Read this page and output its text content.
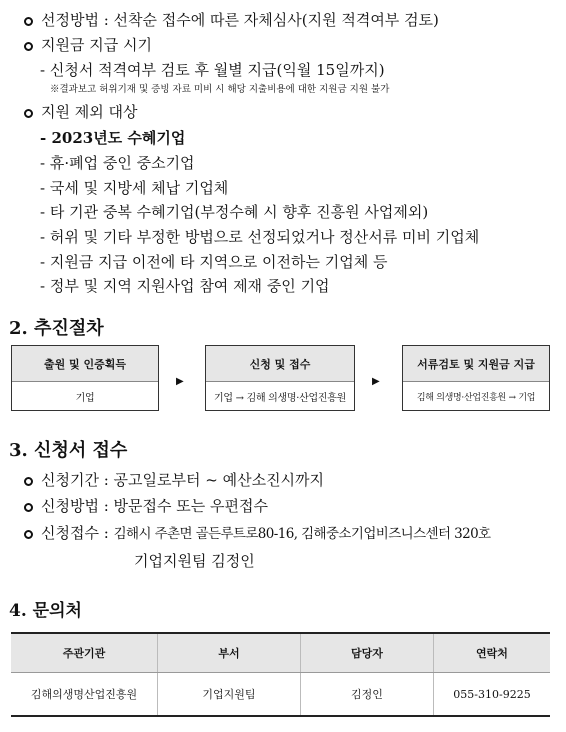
선정방법 : 선착순 접수에 따른 자체심사(지원 적격여부 검토)
지원금 지급 시기
- 신청서 적격여부 검토 후 월별 지급(익월 15일까지)
※결과보고 허위기재 및 증빙 자료 미비 시 해당 지출비용에 대한 지원금 지원 불가
지원 제외 대상
- 2023년도 수혜기업
- 휴·폐업 중인 중소기업
- 국세 및 지방세 체납 기업체
- 타 기관 중복 수혜기업(부정수혜 시 향후 진흥원 사업제외)
- 허위 및 기타 부정한 방법으로 선정되었거나 정산서류 미비 기업체
- 지원금 지급 이전에 타 지역으로 이전하는 기업체 등
- 정부 및 지역 지원사업 참여 제재 중인 기업
2. 추진절차
출원 및 인증획득
기업
▶
신청 및 접수
기업 → 김해 의생명·산업진흥원
▶
서류검토 및 지원금 지급
김해 의생명·산업진흥원 → 기업
3. 신청서 접수
신청기간 : 공고일로부터 ~ 예산소진시까지
신청방법 : 방문접수 또는 우편접수
신청접수 : 김해시 주촌면 골든루트로80-16, 김해중소기업비즈니스센터 320호
기업지원팀 김정인
4. 문의처
주관기관	부서	담당자	연락처
김해의생명산업진흥원	기업지원팀	김정인	055-310-9225
